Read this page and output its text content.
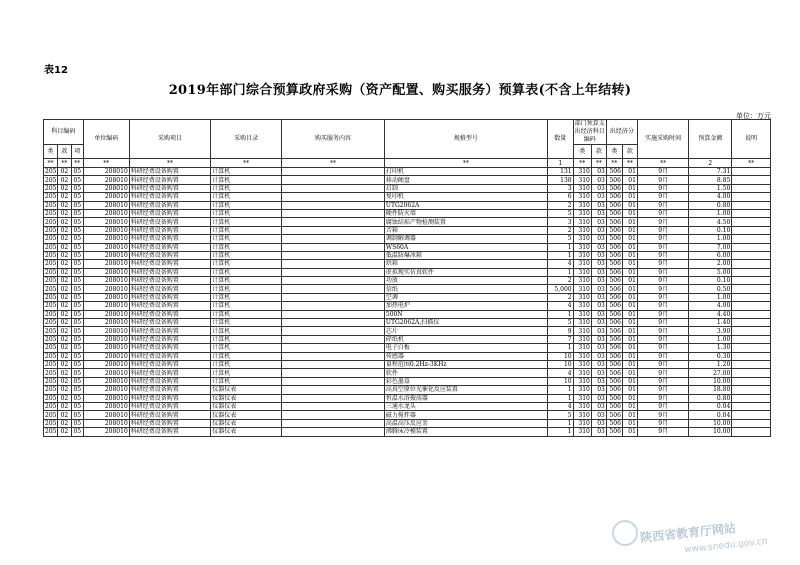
表12
2019年部门综合预算政府采购（资产配置、购买服务）预算表(不含上年结转)
单位：万元
科目编码			单位编码	采购项目	采购目录	购买服务内容	规格型号	数量	部门预算支出经济科目编码		出经济分		实施采购时间	预算金额	说明
类	款	项							类	款	类	款			
**	**	**	**	**	**	**	**	1	**	**	**	**	**	2	**
205	02	05	208010	科研经费设备购置	计算机		打印机	131	310	03	506	01	9月	7.31	
205	02	05	208010	科研经费设备购置	计算机		移动硬盘	138	310	03	506	01	9月	8.85	
205	02	05	208010	科研经费设备购置	计算机		启制	3	310	03	506	01	9月	1.50	
205	02	05	208010	科研经费设备购置	计算机		复印机	6	310	03	506	01	9月	4.00	
205	02	05	208010	科研经费设备购置	计算机		UTG2062A	2	310	03	506	01	9月	0.80	
205	02	05	208010	科研经费设备购置	计算机		硬件防火墙	5	310	03	506	01	9月	1.00	
205	02	05	208010	科研经费设备购置	计算机		腐蚀结垢产物检测装置	3	310	03	506	01	9月	4.50	
205	02	05	208010	科研经费设备购置	计算机		音箱	2	310	03	506	01	9月	0.10	
205	02	05	208010	科研经费设备购置	计算机		调制解调器	5	310	03	506	01	9月	1.00	
205	02	05	208010	科研经费设备购置	计算机		WS60A	1	310	03	506	01	9月	7.00	
205	02	05	208010	科研经费设备购置	计算机		低温防爆冰箱	1	310	03	506	01	9月	6.00	
205	02	05	208010	科研经费设备购置	计算机		烘箱	4	310	03	506	01	9月	2.00	
205	02	05	208010	科研经费设备购置	计算机		虚拟现实仿真软件	1	310	03	506	01	9月	5.00	
205	02	05	208010	科研经费设备购置	计算机		功放	2	310	03	506	01	9月	0.10	
205	02	05	208010	科研经费设备购置	计算机		信纸	5,000	310	03	506	01	9月	0.50	
205	02	05	208010	科研经费设备购置	计算机		空调	2	310	03	506	01	9月	1.00	
205	02	05	208010	科研经费设备购置	计算机		加热电炉	4	310	03	506	01	9月	4.00	
205	02	05	208010	科研经费设备购置	计算机		500N	1	310	03	506	01	9月	4.40	
205	02	05	208010	科研经费设备购置	计算机		UTG2062A,扫描仪	5	310	03	506	01	9月	1.40	
205	02	05	208010	科研经费设备购置	计算机		芯片	9	310	03	506	01	9月	3.90	
205	02	05	208010	科研经费设备购置	计算机		碎纸机	7	310	03	506	01	9月	1.00	
205	02	05	208010	科研经费设备购置	计算机		电子白板	1	310	03	506	01	9月	1.30	
205	02	05	208010	科研经费设备购置	计算机		传感器	10	310	03	506	01	9月	0.30	
205	02	05	208010	科研经费设备购置	计算机		量程范围0.2Hz-3KHz	10	310	03	506	01	9月	1.20	
205	02	05	208010	科研经费设备购置	计算机		软件	4	310	03	506	01	9月	27.00	
205	02	05	208010	科研经费设备购置	计算机		彩色墨盒	10	310	03	506	01	9月	10.00	
205	02	05	208010	科研经费设备购置	仪器仪表		高真空原位光催化反应装置	1	310	03	506	01	9月	18.80	
205	02	05	208010	科研经费设备购置	仪器仪表		恒温水浴振荡器	1	310	03	506	01	9月	0.80	
205	02	05	208010	科研经费设备购置	仪器仪表		三通水龙头	4	310	03	506	01	9月	0.04	
205	02	05	208010	科研经费设备购置	仪器仪表		磁力搅拌器	5	310	03	506	01	9月	0.04	
205	02	05	208010	科研经费设备购置	仪器仪表		高温高压反应釜	1	310	03	506	01	9月	10.00	
205	02	05	208010	科研经费设备购置	仪器仪表		沸腾床冷模装置	1	310	03	506	01	9月	10.00	
陕西省教育厅网站
www.snedu.gov.cn
